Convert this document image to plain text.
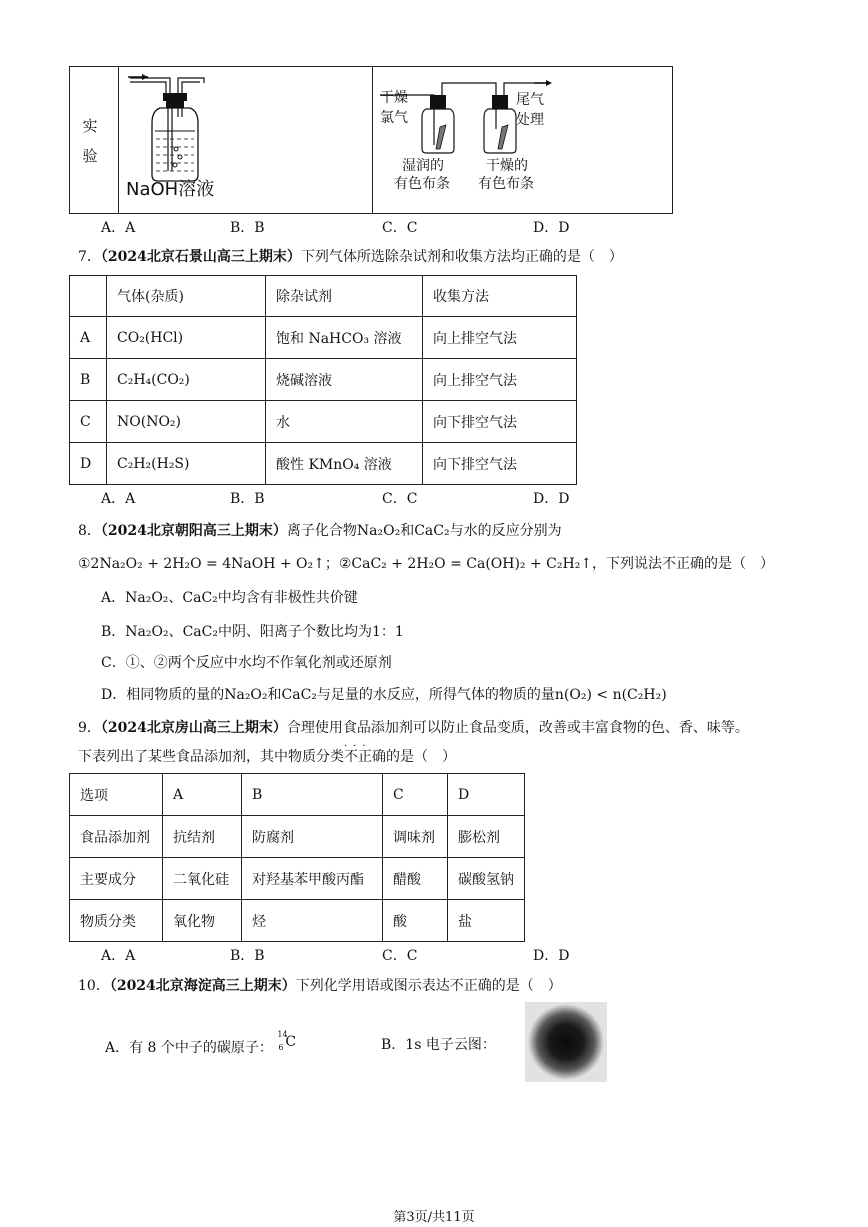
实验
NaOH溶液
干燥
氯气
尾气
处理
湿润的
有色布条
干燥的
有色布条
A．A	B．B	C．C	D．D
7．（2024北京石景山高三上期末）下列气体所选除杂试剂和收集方法均正确的是（　）
	气体(杂质)	除杂试剂	收集方法
A	CO₂(HCl)	饱和 NaHCO₃ 溶液	向上排空气法
B	C₂H₄(CO₂)	烧碱溶液	向上排空气法
C	NO(NO₂)	水	向下排空气法
D	C₂H₂(H₂S)	酸性 KMnO₄ 溶液	向下排空气法
A．A	B．B	C．C	D．D
8．（2024北京朝阳高三上期末）离子化合物Na₂O₂和CaC₂与水的反应分别为
①2Na₂O₂ + 2H₂O = 4NaOH + O₂↑；②CaC₂ + 2H₂O = Ca(OH)₂ + C₂H₂↑，下列说法不正确的是（　）
A．Na₂O₂、CaC₂中均含有非极性共价键
B．Na₂O₂、CaC₂中阴、阳离子个数比均为1：1
C．①、②两个反应中水均不作氧化剂或还原剂
D．相同物质的量的Na₂O₂和CaC₂与足量的水反应，所得气体的物质的量n(O₂) < n(C₂H₂)
9．（2024北京房山高三上期末）合理使用食品添加剂可以防止食品变质，改善或丰富食物的色、香、味等。
下表列出了某些食品添加剂，其中物质分类
···
不正确的是（　）
选项	A	B	C	D
食品添加剂	抗结剂	防腐剂	调味剂	膨松剂
主要成分	二氧化硅	对羟基苯甲酸丙酯	醋酸	碳酸氢钠
物质分类	氧化物	烃	酸	盐
A．A	B．B	C．C	D．D
10．（2024北京海淀高三上期末）下列化学用语或图示表达不正确的是（　）
A．有 8 个中子的碳原子：
14
6 C	B．1s 电子云图：
第3页/共11页
